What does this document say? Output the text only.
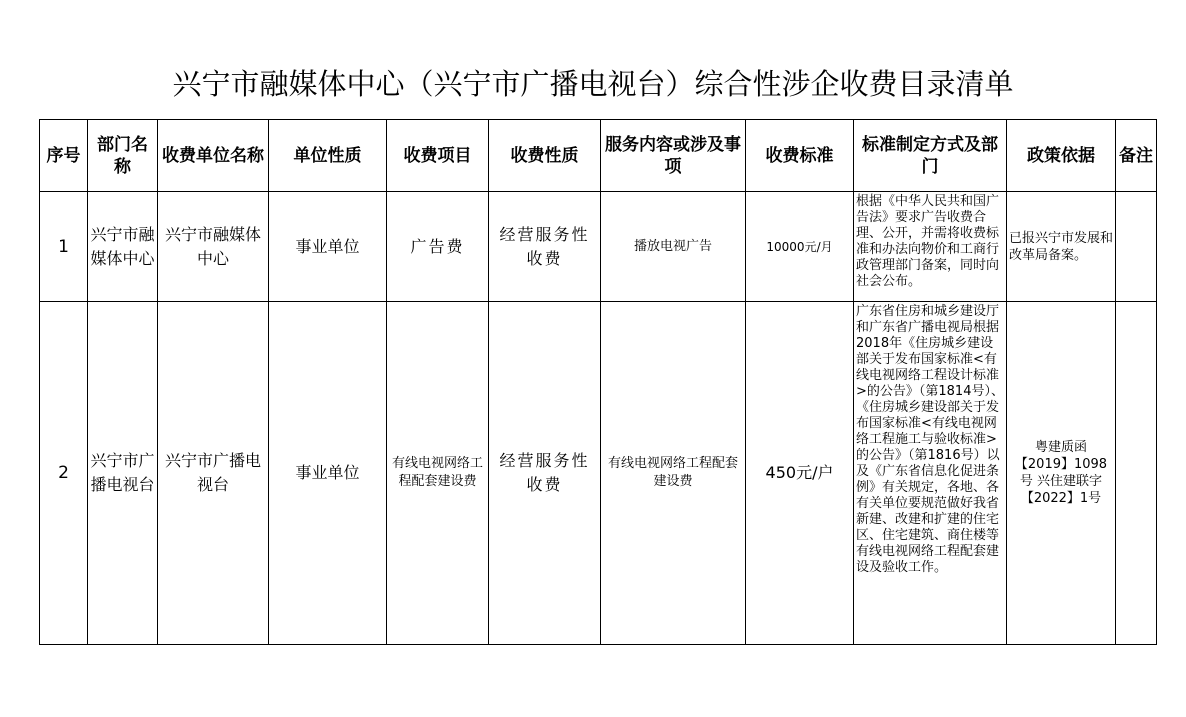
兴宁市融媒体中心（兴宁市广播电视台）综合性涉企收费目录清单
序号	部门名称	收费单位名称	单位性质	收费项目	收费性质	服务内容或涉及事项	收费标准	标准制定方式及部门	政策依据	备注
1	兴宁市融媒体中心	兴宁市融媒体中心	事业单位	广告费	经营服务性收费	播放电视广告	10000元/月	根据《中华人民共和国广告法》要求广告收费合理、公开，并需将收费标准和办法向物价和工商行政管理部门备案，同时向社会公布。	已报兴宁市发展和改革局备案。	
2	兴宁市广播电视台	兴宁市广播电视台	事业单位	有线电视网络工程配套建设费	经营服务性收费	有线电视网络工程配套建设费	450元/户	广东省住房和城乡建设厅和广东省广播电视局根据2018年《住房城乡建设部关于发布国家标准<有线电视网络工程设计标准>的公告》（第1814号）、《住房城乡建设部关于发布国家标准<有线电视网络工程施工与验收标准>的公告》（第1816号）以及《广东省信息化促进条例》有关规定，各地、各有关单位要规范做好我省新建、改建和扩建的住宅区、住宅建筑、商住楼等有线电视网络工程配套建设及验收工作。	粤建质函【2019】1098号 兴住建联字【2022】1号	
